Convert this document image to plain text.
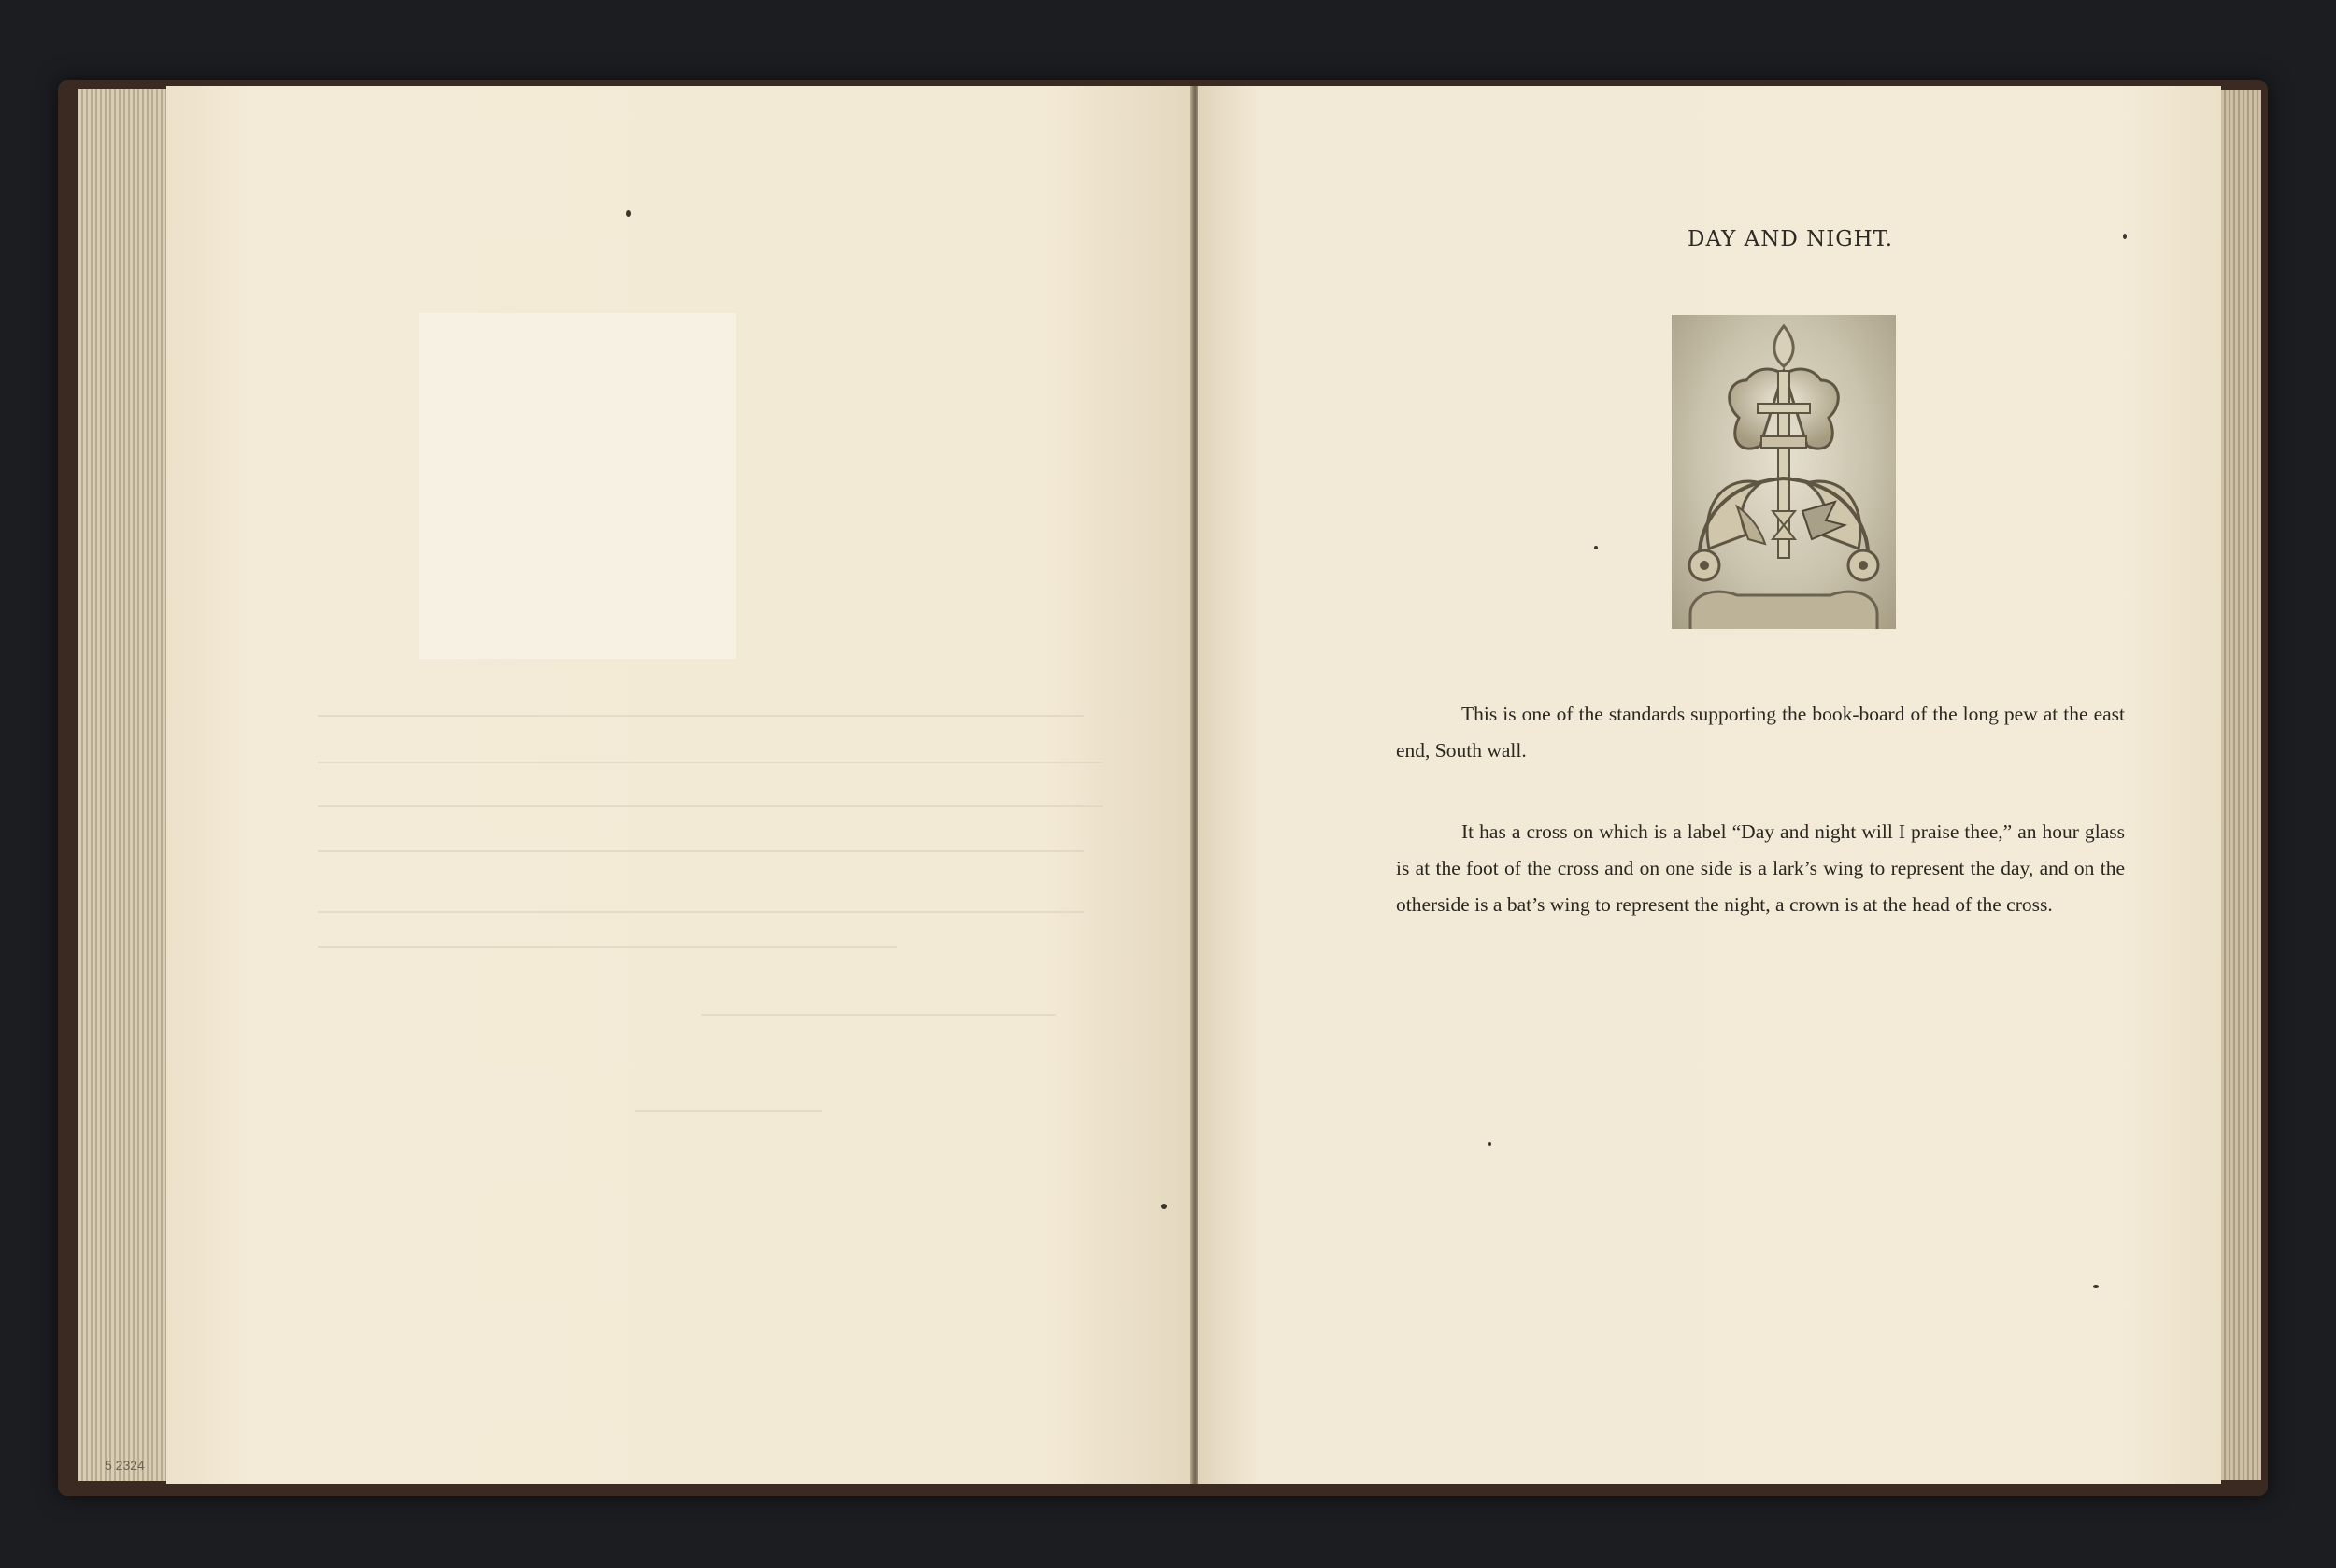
DAY AND NIGHT.

This is one of the standards supporting the book-board of the long pew at the east end, South wall.

It has a cross on which is a label “Day and night will I praise thee,” an hour glass is at the foot of the cross and on one side is a lark’s wing to represent the day, and on the otherside is a bat’s wing to represent the night, a crown is at the head of the cross.

5 2324
